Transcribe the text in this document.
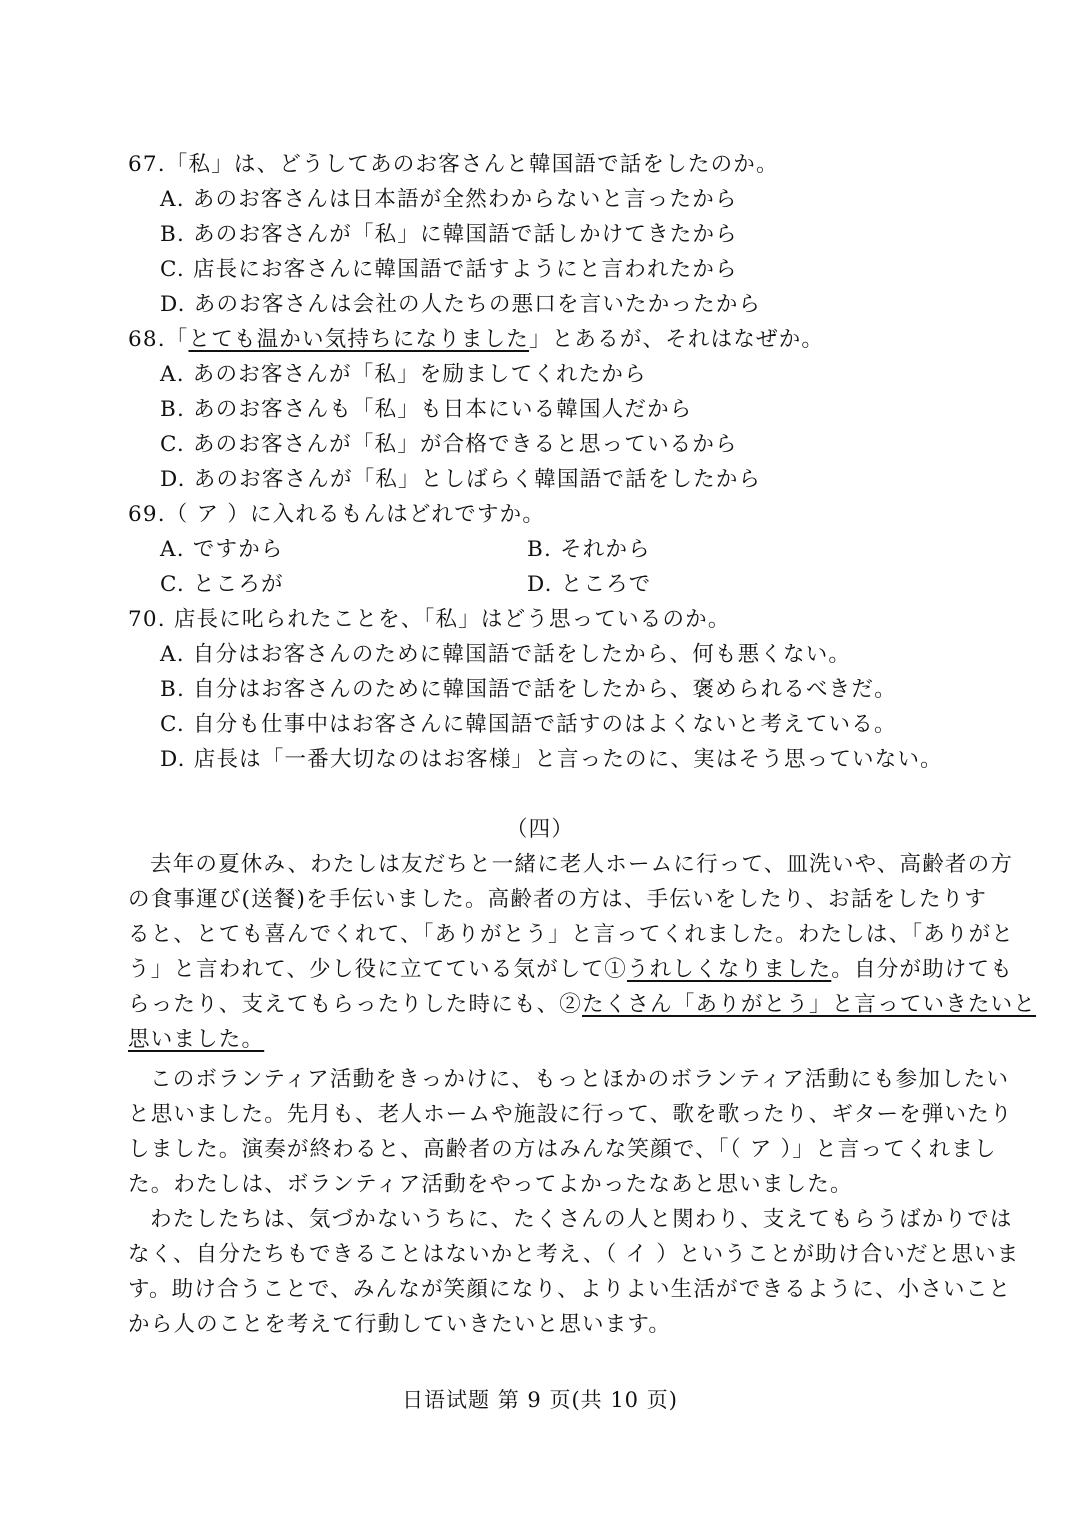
67.「私」は、どうしてあのお客さんと韓国語で話をしたのか。
A. あのお客さんは日本語が全然わからないと言ったから
B. あのお客さんが「私」に韓国語で話しかけてきたから
C. 店長にお客さんに韓国語で話すようにと言われたから
D. あのお客さんは会社の人たちの悪口を言いたかったから
68.「とても温かい気持ちになりました」とあるが、それはなぜか。
A. あのお客さんが「私」を励ましてくれたから
B. あのお客さんも「私」も日本にいる韓国人だから
C. あのお客さんが「私」が合格できると思っているから
D. あのお客さんが「私」としばらく韓国語で話をしたから
69.（ ア ）に入れるもんはどれですか。
A. ですから	B. それから
C. ところが	D. ところで
70. 店長に叱られたことを、「私」はどう思っているのか。
A. 自分はお客さんのために韓国語で話をしたから、何も悪くない。
B. 自分はお客さんのために韓国語で話をしたから、褒められるべきだ。
C. 自分も仕事中はお客さんに韓国語で話すのはよくないと考えている。
D. 店長は「一番大切なのはお客様」と言ったのに、実はそう思っていない。
（四）
去年の夏休み、わたしは友だちと一緒に老人ホームに行って、皿洗いや、高齢者の方
の食事運び(送餐)を手伝いました。高齢者の方は、手伝いをしたり、お話をしたりす
ると、とても喜んでくれて、「ありがとう」と言ってくれました。わたしは、「ありがと
う」と言われて、少し役に立てている気がして①うれしくなりました。自分が助けても
らったり、支えてもらったりした時にも、②たくさん「ありがとう」と言っていきたいと
思いました。
このボランティア活動をきっかけに、もっとほかのボランティア活動にも参加したい
と思いました。先月も、老人ホームや施設に行って、歌を歌ったり、ギターを弾いたり
しました。演奏が終わると、高齢者の方はみんな笑顔で、「（ ア ）」と言ってくれまし
た。わたしは、ボランティア活動をやってよかったなあと思いました。
わたしたちは、気づかないうちに、たくさんの人と関わり、支えてもらうばかりでは
なく、自分たちもできることはないかと考え、（ イ ）ということが助け合いだと思いま
す。助け合うことで、みんなが笑顔になり、よりよい生活ができるように、小さいこと
から人のことを考えて行動していきたいと思います。
日语试题 第 9 页(共 10 页)
